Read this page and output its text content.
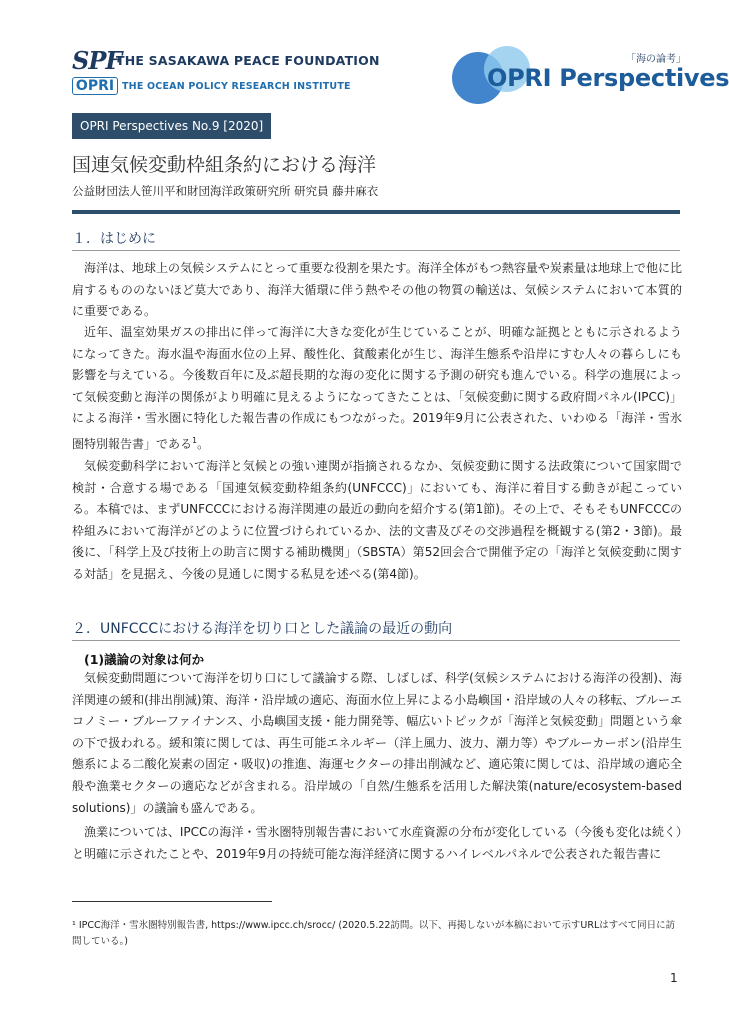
SPF
THE SASAKAWA PEACE FOUNDATION
OPRI THE OCEAN POLICY RESEARCH INSTITUTE
「海の論考」
OPRI Perspectives
OPRI Perspectives No.9 [2020]
国連気候変動枠組条約における海洋
公益財団法人笹川平和財団海洋政策研究所 研究員 藤井麻衣
１．はじめに

海洋は、地球上の気候システムにとって重要な役割を果たす。海洋全体がもつ熱容量や炭素量は地球上で他に比肩するもののないほど莫大であり、海洋大循環に伴う熱やその他の物質の輸送は、気候システムにおいて本質的に重要である。

近年、温室効果ガスの排出に伴って海洋に大きな変化が生じていることが、明確な証拠とともに示されるようになってきた。海水温や海面水位の上昇、酸性化、貧酸素化が生じ、海洋生態系や沿岸にすむ人々の暮らしにも影響を与えている。今後数百年に及ぶ超長期的な海の変化に関する予測の研究も進んでいる。科学の進展によって気候変動と海洋の関係がより明確に見えるようになってきたことは、「気候変動に関する政府間パネル(IPCC)」による海洋・雪氷圏に特化した報告書の作成にもつながった。2019年9月に公表された、いわゆる「海洋・雪氷圏特別報告書」である$^1$。

気候変動科学において海洋と気候との強い連関が指摘されるなか、気候変動に関する法政策について国家間で検討・合意する場である「国連気候変動枠組条約(UNFCCC)」においても、海洋に着目する動きが起こっている。本稿では、まずUNFCCCにおける海洋関連の最近の動向を紹介する(第1節)。その上で、そもそもUNFCCCの枠組みにおいて海洋がどのように位置づけられているか、法的文書及びその交渉過程を概観する(第2・3節)。最後に、「科学上及び技術上の助言に関する補助機関」（SBSTA）第52回会合で開催予定の「海洋と気候変動に関する対話」を見据え、今後の見通しに関する私見を述べる(第4節)。

２．UNFCCCにおける海洋を切り口とした議論の最近の動向
(1)議論の対象は何か

気候変動問題について海洋を切り口にして議論する際、しばしば、科学(気候システムにおける海洋の役割)、海洋関連の緩和(排出削減)策、海洋・沿岸域の適応、海面水位上昇による小島嶼国・沿岸域の人々の移転、ブルーエコノミー・ブルーファイナンス、小島嶼国支援・能力開発等、幅広いトピックが「海洋と気候変動」問題という傘の下で扱われる。緩和策に関しては、再生可能エネルギー（洋上風力、波力、潮力等）やブルーカーボン(沿岸生態系による二酸化炭素の固定・吸収)の推進、海運セクターの排出削減など、適応策に関しては、沿岸域の適応全般や漁業セクターの適応などが含まれる。沿岸域の「自然/生態系を活用した解決策(nature/ecosystem-based solutions)」の議論も盛んである。

漁業については、IPCCの海洋・雪氷圏特別報告書において水産資源の分布が変化している（今後も変化は続く）と明確に示されたことや、2019年9月の持続可能な海洋経済に関するハイレベルパネルで公表された報告書に

¹ IPCC海洋・雪氷圏特別報告書, https://www.ipcc.ch/srocc/ (2020.5.22訪問。以下、再掲しないが本稿において示すURLはすべて同日に訪問している。)

1
